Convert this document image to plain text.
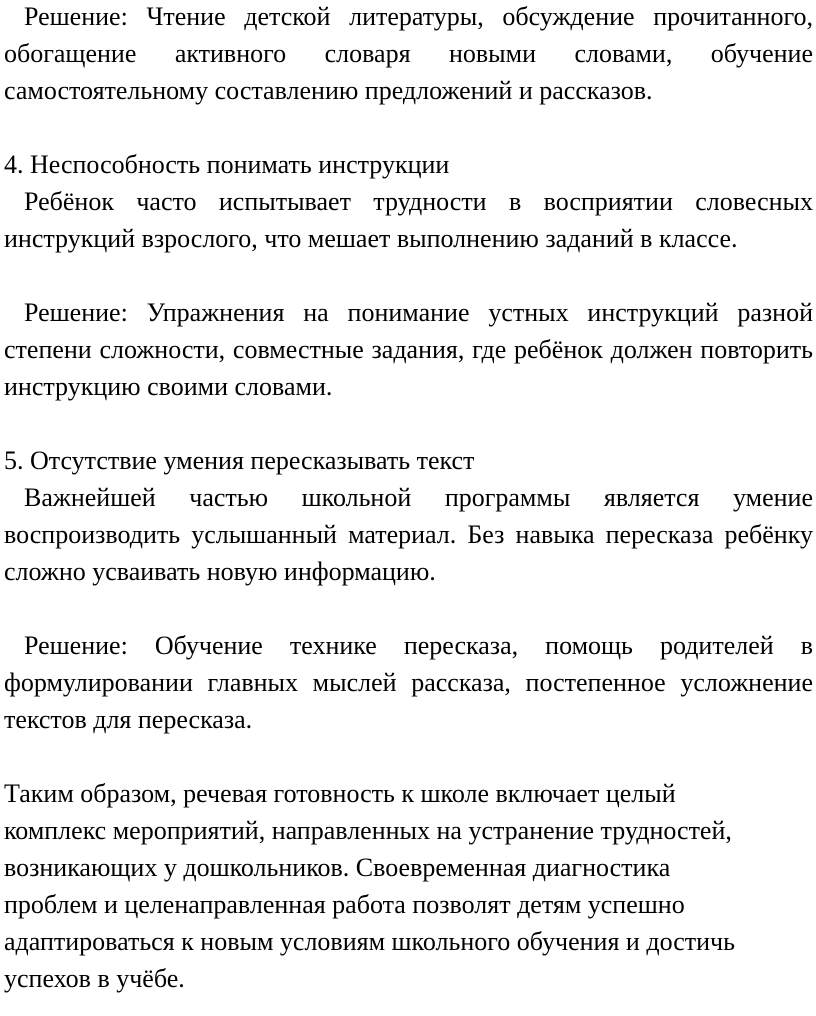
Решение: Чтение детской литературы, обсуждение прочитанного, обогащение активного словаря новыми словами, обучение самостоятельному составлению предложений и рассказов.

4. Неспособность понимать инструкции

Ребёнок часто испытывает трудности в восприятии словесных инструкций взрослого, что мешает выполнению заданий в классе.

Решение: Упражнения на понимание устных инструкций разной степени сложности, совместные задания, где ребёнок должен повторить инструкцию своими словами.

5. Отсутствие умения пересказывать текст

Важнейшей частью школьной программы является умение воспроизводить услышанный материал. Без навыка пересказа ребёнку сложно усваивать новую информацию.

Решение: Обучение технике пересказа, помощь родителей в формулировании главных мыслей рассказа, постепенное усложнение текстов для пересказа.

Таким образом, речевая готовность к школе включает целый
комплекс мероприятий, направленных на устранение трудностей,
возникающих у дошкольников. Своевременная диагностика
проблем и целенаправленная работа позволят детям успешно
адаптироваться к новым условиям школьного обучения и достичь
успехов в учёбе.
